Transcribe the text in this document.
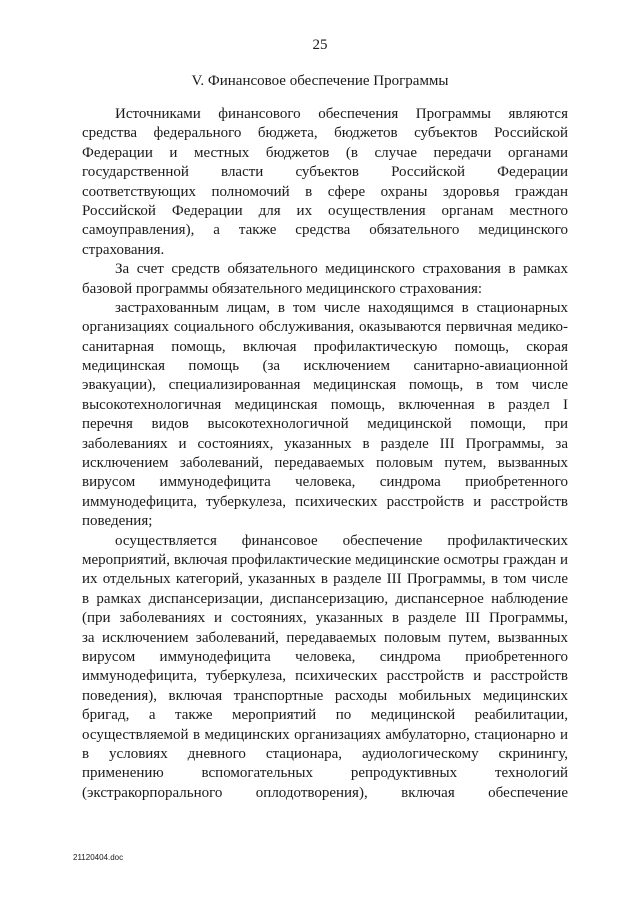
25
V. Финансовое обеспечение Программы

Источниками финансового обеспечения Программы являются
средства федерального бюджета, бюджетов субъектов Российской
Федерации и местных бюджетов (в случае передачи органами
государственной власти субъектов Российской Федерации
соответствующих полномочий в сфере охраны здоровья граждан
Российской Федерации для их осуществления органам местного
самоуправления), а также средства обязательного медицинского
страхования.

За счет средств обязательного медицинского страхования в рамках
базовой программы обязательного медицинского страхования:

застрахованным лицам, в том числе находящимся в стационарных
организациях социального обслуживания, оказываются первичная медико-
санитарная помощь, включая профилактическую помощь, скорая
медицинская помощь (за исключением санитарно-авиационной
эвакуации), специализированная медицинская помощь, в том числе
высокотехнологичная медицинская помощь, включенная в раздел I
перечня видов высокотехнологичной медицинской помощи, при
заболеваниях и состояниях, указанных в разделе III Программы, за
исключением заболеваний, передаваемых половым путем, вызванных
вирусом иммунодефицита человека, синдрома приобретенного
иммунодефицита, туберкулеза, психических расстройств и расстройств
поведения;

осуществляется финансовое обеспечение профилактических
мероприятий, включая профилактические медицинские осмотры граждан и
их отдельных категорий, указанных в разделе III Программы, в том числе
в рамках диспансеризации, диспансеризацию, диспансерное наблюдение
(при заболеваниях и состояниях, указанных в разделе III Программы,
за исключением заболеваний, передаваемых половым путем, вызванных
вирусом иммунодефицита человека, синдрома приобретенного
иммунодефицита, туберкулеза, психических расстройств и расстройств
поведения), включая транспортные расходы мобильных медицинских
бригад, а также мероприятий по медицинской реабилитации,
осуществляемой в медицинских организациях амбулаторно, стационарно и
в условиях дневного стационара, аудиологическому скринингу,
применению вспомогательных репродуктивных технологий
(экстракорпорального оплодотворения), включая обеспечение

21120404.doc
